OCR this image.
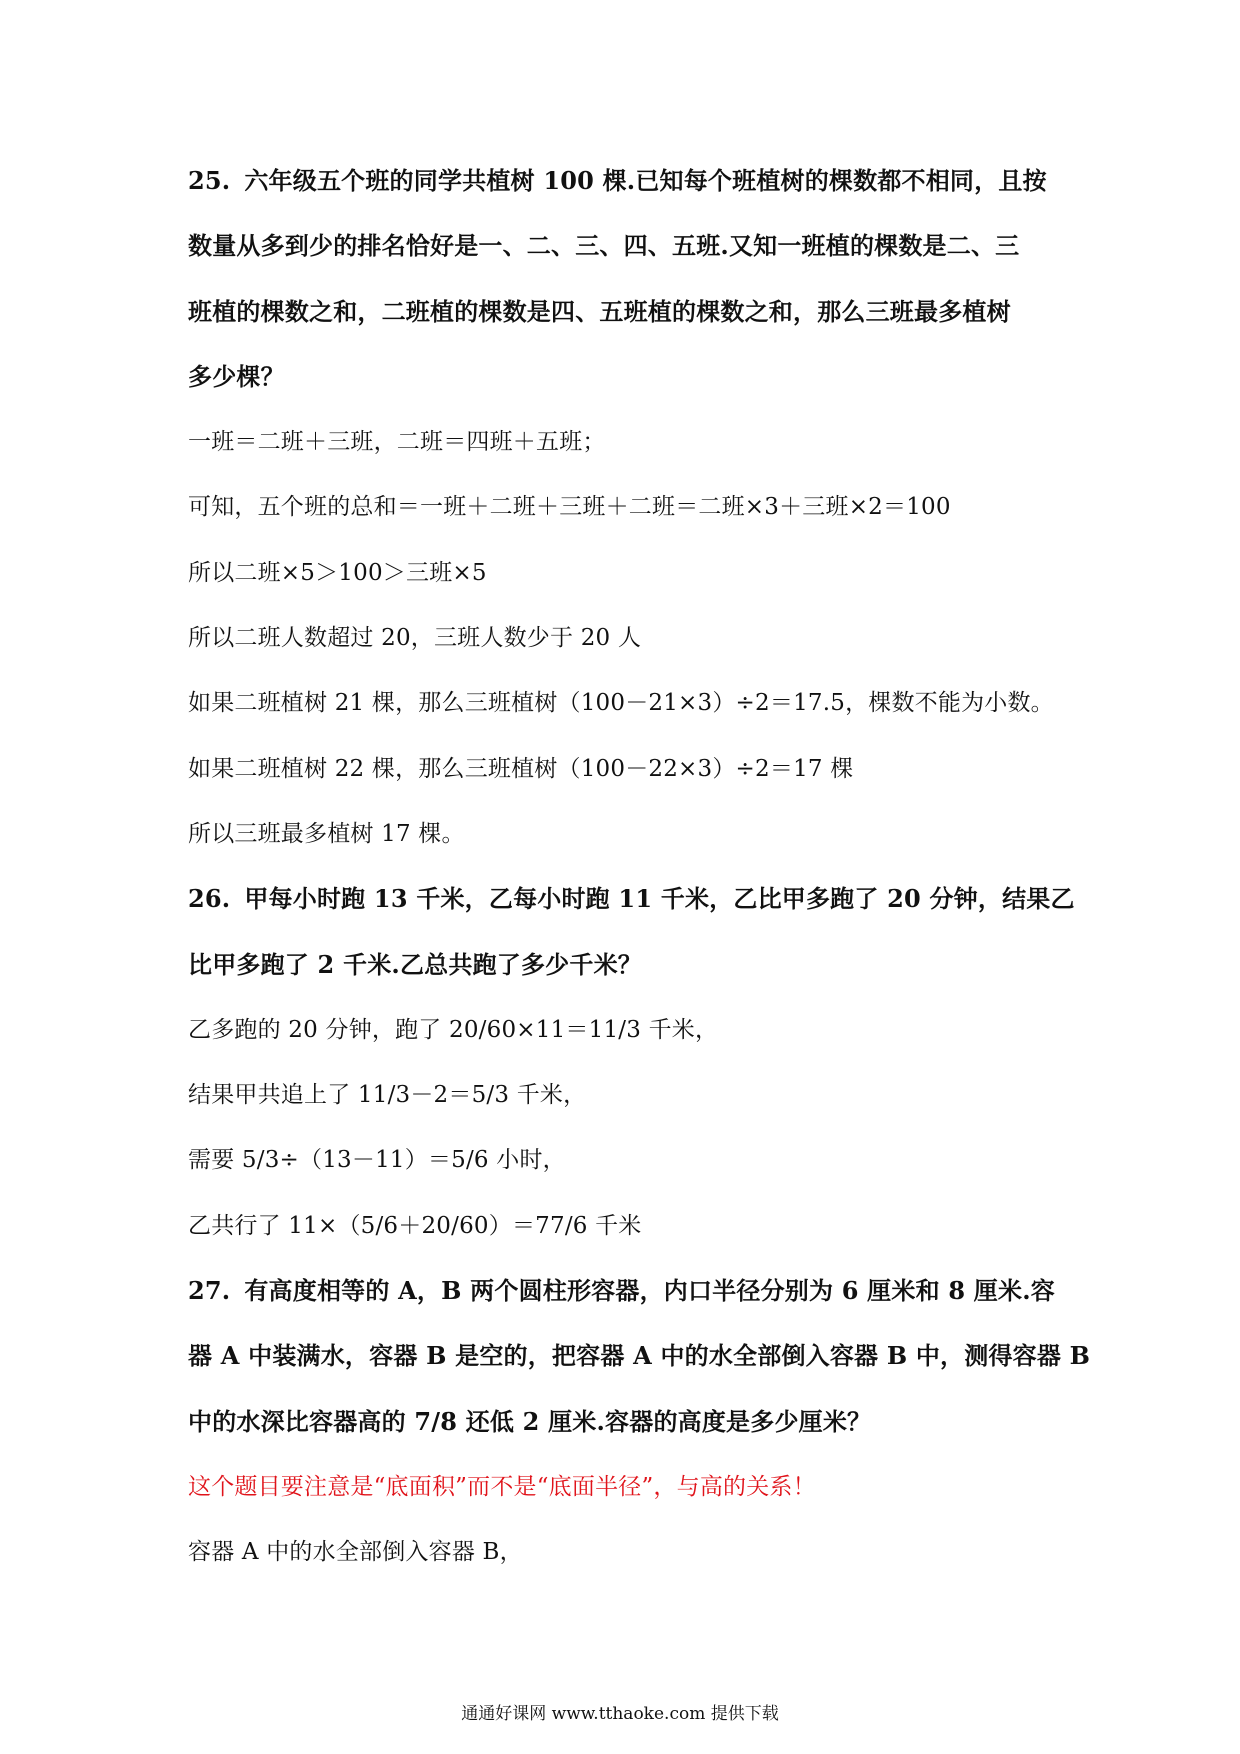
25. 六年级五个班的同学共植树 100 棵.已知每个班植树的棵数都不相同，且按
数量从多到少的排名恰好是一、二、三、四、五班.又知一班植的棵数是二、三
班植的棵数之和，二班植的棵数是四、五班植的棵数之和，那么三班最多植树
多少棵？
一班＝二班＋三班，二班＝四班＋五班；
可知，五个班的总和＝一班＋二班＋三班＋二班＝二班×3＋三班×2＝100
所以二班×5＞100＞三班×5
所以二班人数超过 20，三班人数少于 20 人
如果二班植树 21 棵，那么三班植树（100－21×3）÷2＝17.5，棵数不能为小数。
如果二班植树 22 棵，那么三班植树（100－22×3）÷2＝17 棵
所以三班最多植树 17 棵。
26. 甲每小时跑 13 千米，乙每小时跑 11 千米，乙比甲多跑了 20 分钟，结果乙
比甲多跑了 2 千米.乙总共跑了多少千米？
乙多跑的 20 分钟，跑了 20/60×11＝11/3 千米，
结果甲共追上了 11/3－2＝5/3 千米，
需要 5/3÷（13－11）＝5/6 小时，
乙共行了 11×（5/6＋20/60）＝77/6 千米
27. 有高度相等的 A，B 两个圆柱形容器，内口半径分别为 6 厘米和 8 厘米.容
器 A 中装满水，容器 B 是空的，把容器 A 中的水全部倒入容器 B 中，测得容器 B
中的水深比容器高的 7/8 还低 2 厘米.容器的高度是多少厘米？
这个题目要注意是“底面积”而不是“底面半径”，与高的关系！
容器 A 中的水全部倒入容器 B，
通通好课网 www.tthaoke.com 提供下载
